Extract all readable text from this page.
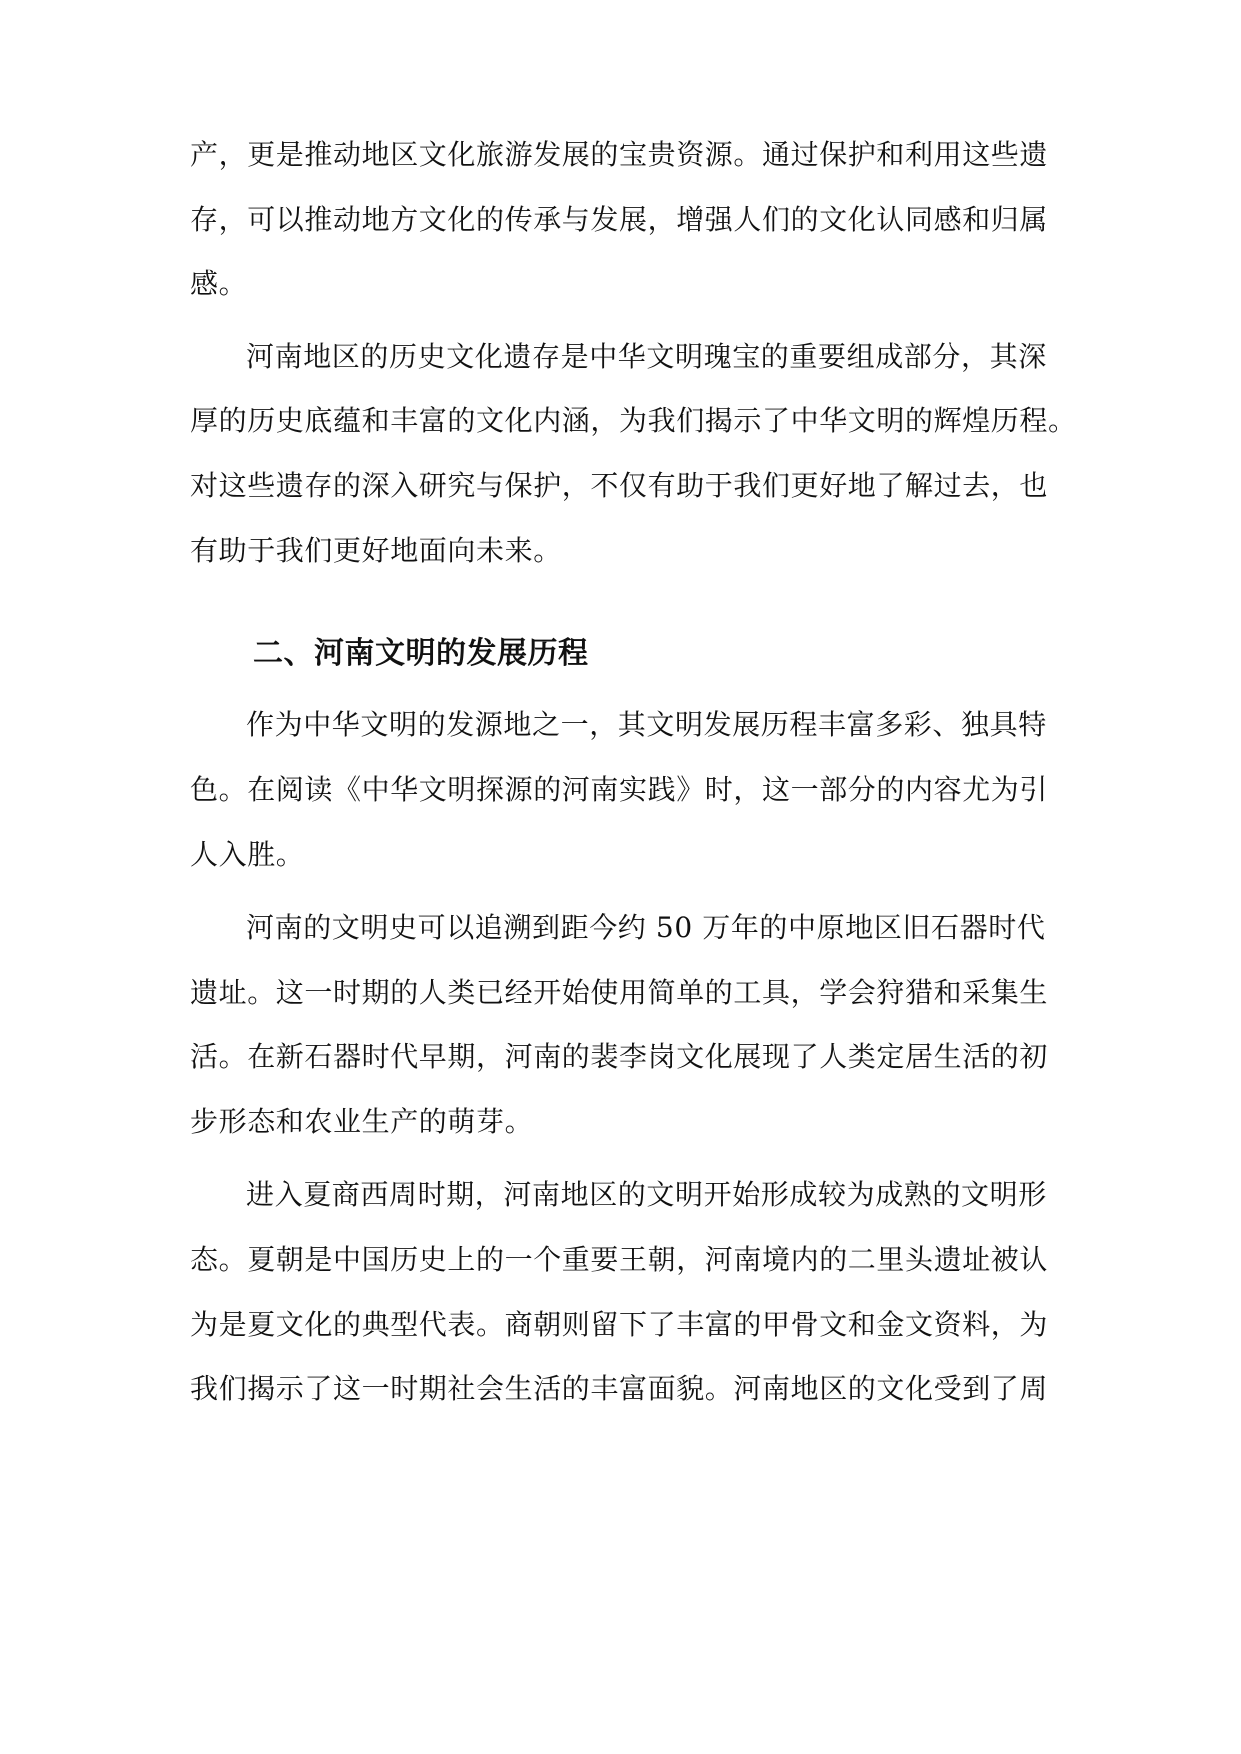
产，更是推动地区文化旅游发展的宝贵资源。通过保护和利用这些遗
存，可以推动地方文化的传承与发展，增强人们的文化认同感和归属
感。
河南地区的历史文化遗存是中华文明瑰宝的重要组成部分，其深
厚的历史底蕴和丰富的文化内涵，为我们揭示了中华文明的辉煌历程。
对这些遗存的深入研究与保护，不仅有助于我们更好地了解过去，也
有助于我们更好地面向未来。
二、河南文明的发展历程
作为中华文明的发源地之一，其文明发展历程丰富多彩、独具特
色。在阅读《中华文明探源的河南实践》时，这一部分的内容尤为引
人入胜。
河南的文明史可以追溯到距今约 50 万年的中原地区旧石器时代
遗址。这一时期的人类已经开始使用简单的工具，学会狩猎和采集生
活。在新石器时代早期，河南的裴李岗文化展现了人类定居生活的初
步形态和农业生产的萌芽。
进入夏商西周时期，河南地区的文明开始形成较为成熟的文明形
态。夏朝是中国历史上的一个重要王朝，河南境内的二里头遗址被认
为是夏文化的典型代表。商朝则留下了丰富的甲骨文和金文资料，为
我们揭示了这一时期社会生活的丰富面貌。河南地区的文化受到了周
